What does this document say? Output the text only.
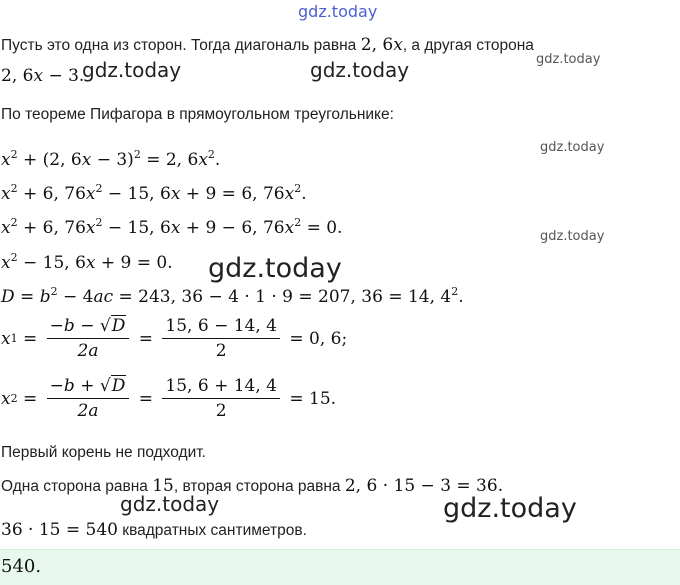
gdz.today
gdz.today	gdz.today	gdz.today
gdz.today
gdz.today
gdz.today
gdz.today	gdz.today
Пусть это одна из сторон. Тогда диагональ равна 2, 6x, а другая сторона
2, 6x − 3.
По теореме Пифагора в прямоугольном треугольнике:
$x^2 + (2$, 6x − 3)$^2$ = 2, $6x^2$.
$x^2 + 6$, $76x^2 - 15$, 6x + 9 = 6, $76x^2$.
$x^2 + 6$, $76x^2 - 15$, 6x + 9 − 6, $76x^2 = 0$.
$x^2 - 15$, 6x + 9 = 0.
$D = b^2 - 4ac = 243$, 36 − 4 · 1 · 9 = 207, 36 = 14, $4^2$.
x $1 = \frac{-b - √D}{2a} = \frac{15, 6 - 14, 4}{2} = 0$, 6;
x $2 = \frac{-b + √D}{2a} = \frac{15, 6 + 14, 4}{2} = 15$.
Первый корень не подходит.
Одна сторона равна 15, вторая сторона равна 2, 6 · 15 − 3 = 36.
36 · 15 = 540 квадратных сантиметров.
540.
